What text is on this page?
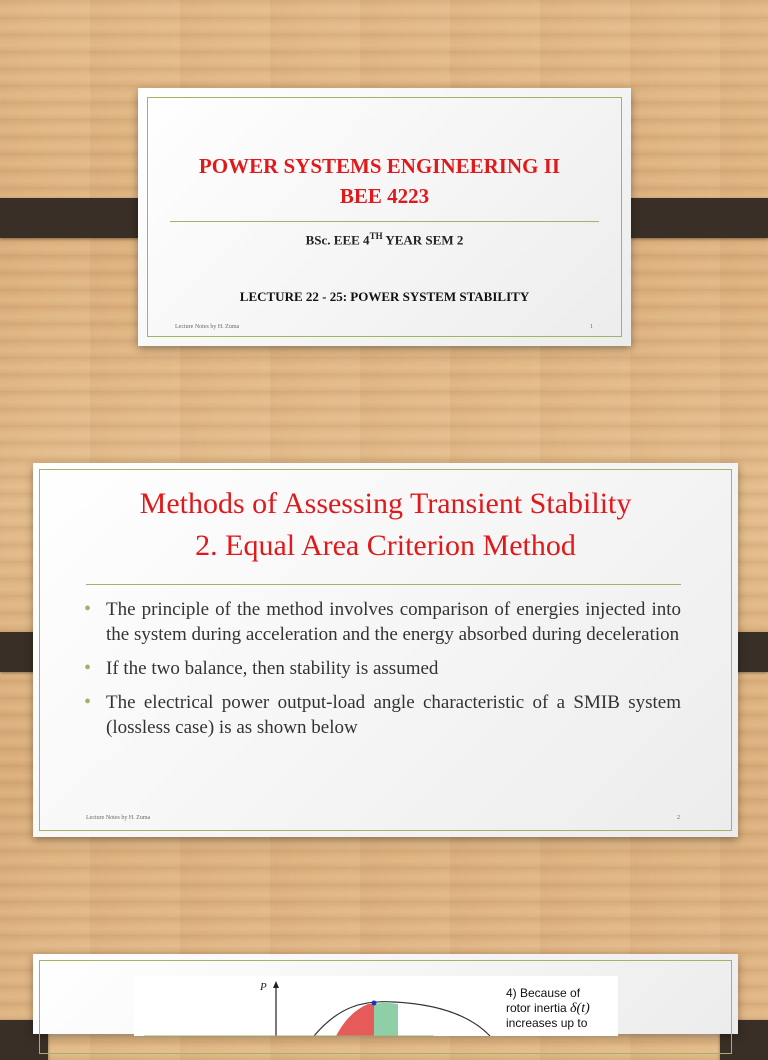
POWER SYSTEMS ENGINEERING II
BEE 4223
BSc. EEE 4TH YEAR SEM 2
LECTURE 22 - 25: POWER SYSTEM STABILITY
Lecture Notes by H. Zuma	1
Methods of Assessing Transient Stability
2. Equal Area Criterion Method
• The principle of the method involves comparison of energies injected into the system during acceleration and the energy absorbed during deceleration
• If the two balance, then stability is assumed
• The electrical power output-load angle characteristic of a SMIB system (lossless case) is as shown below
Lecture Notes by H. Zuma	2
P	4) Because of
rotor inertia δ(t)
increases up to
